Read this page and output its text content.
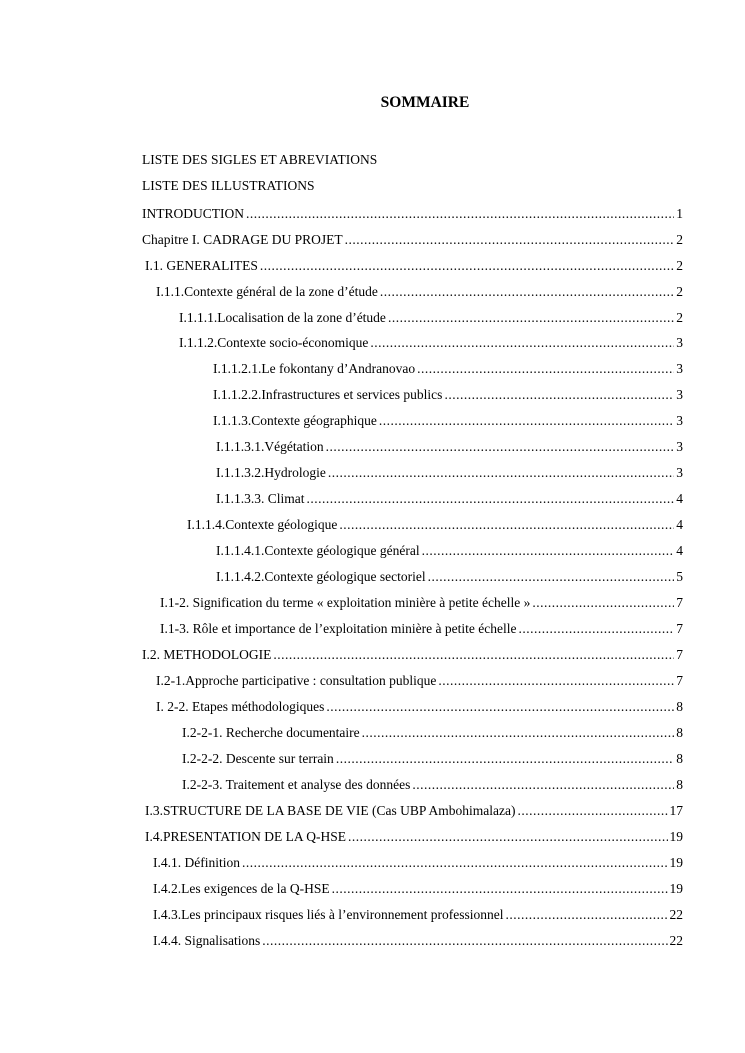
SOMMAIRE
LISTE DES SIGLES ET ABREVIATIONS
LISTE DES ILLUSTRATIONS
INTRODUCTION .....	1
Chapitre I. CADRAGE DU PROJET .....	2
I.1. GENERALITES .....	2
I.1.1.Contexte général de la zone d’étude .....	2
I.1.1.1.Localisation de la zone d’étude .....	2
I.1.1.2.Contexte socio-économique .....	3
I.1.1.2.1.Le fokontany d’Andranovao .....	3
I.1.1.2.2.Infrastructures et services publics .....	3
I.1.1.3.Contexte géographique .....	3
I.1.1.3.1.Végétation .....	3
I.1.1.3.2.Hydrologie .....	3
I.1.1.3.3. Climat .....	4
I.1.1.4.Contexte géologique .....	4
I.1.1.4.1.Contexte géologique général .....	4
I.1.1.4.2.Contexte géologique sectoriel .....	5
I.1-2. Signification du terme « exploitation minière à petite échelle » .....	7
I.1-3. Rôle et importance de l’exploitation minière à petite échelle .....	7
I.2. METHODOLOGIE .....	7
I.2-1.Approche participative : consultation publique .....	7
I. 2-2. Etapes méthodologiques .....	8
I.2-2-1. Recherche documentaire .....	8
I.2-2-2. Descente sur terrain .....	8
I.2-2-3. Traitement et analyse des données .....	8
I.3.STRUCTURE DE LA BASE DE VIE (Cas UBP Ambohimalaza) .....	17
I.4.PRESENTATION DE LA Q-HSE .....	19
I.4.1. Définition .....	19
I.4.2.Les exigences de la Q-HSE .....	19
I.4.3.Les principaux risques liés à l’environnement professionnel .....	22
I.4.4. Signalisations .....	22
